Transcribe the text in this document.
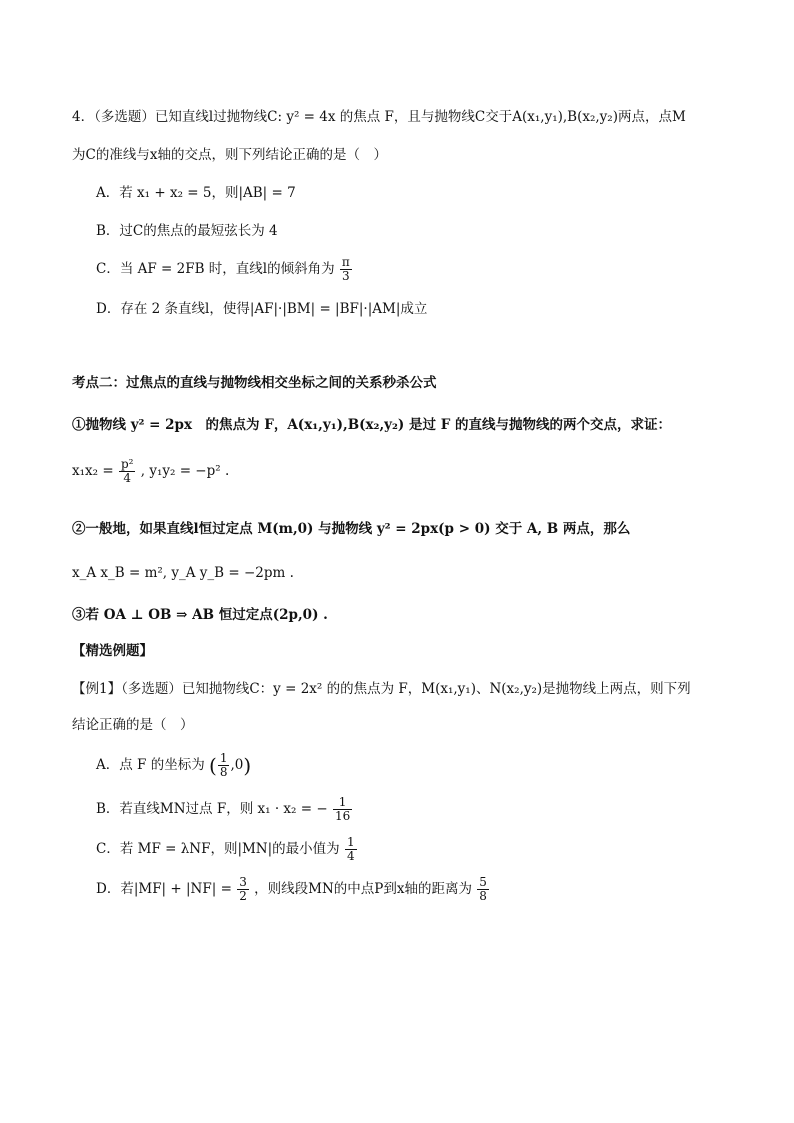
4．（多选题）已知直线l过抛物线C: y² = 4x 的焦点 F，且与抛物线C交于A(x₁,y₁),B(x₂,y₂)两点，点M
为C的准线与x轴的交点，则下列结论正确的是（　）
A．若 x₁ + x₂ = 5，则|AB| = 7
B．过C的焦点的最短弦长为 4
C．当 AF = 2FB 时，直线l的倾斜角为 $\frac{\pi}{3}$
D．存在 2 条直线l，使得|AF|·|BM| = |BF|·|AM|成立
考点二：过焦点的直线与抛物线相交坐标之间的关系秒杀公式
①抛物线 y² = 2px　的焦点为 F，A(x₁,y₁),B(x₂,y₂) 是过 F 的直线与抛物线的两个交点，求证：
$x_1x_2 = \frac{\text{p²}}{4}$ , y₁y₂ = −p² .
②一般地，如果直线l恒过定点 M(m,0) 与抛物线 y² = 2px(p > 0) 交于 A, B 两点，那么
x_A x_B = m², y_A y_B = −2pm .
③若 OA ⊥ OB ⇒ AB 恒过定点(2p,0) .
【精选例题】
【例1】（多选题）已知抛物线C：y = 2x² 的的焦点为 F，M(x₁,y₁)、N(x₂,y₂)是抛物线上两点，则下列
结论正确的是（　）
A．点 F 的坐标为 ( $\frac{1}{8} ,0$)
B．若直线MN过点 F，则 x₁ · x₂ = − $\frac{1}{16}$
C．若 MF = λNF，则|MN|的最小值为 $\frac{1}{4}$
D．若$|MF| + |NF| = \frac{3}{2}$ ，则线段MN的中点P到x轴的距离为 $\frac{5}{8}$
